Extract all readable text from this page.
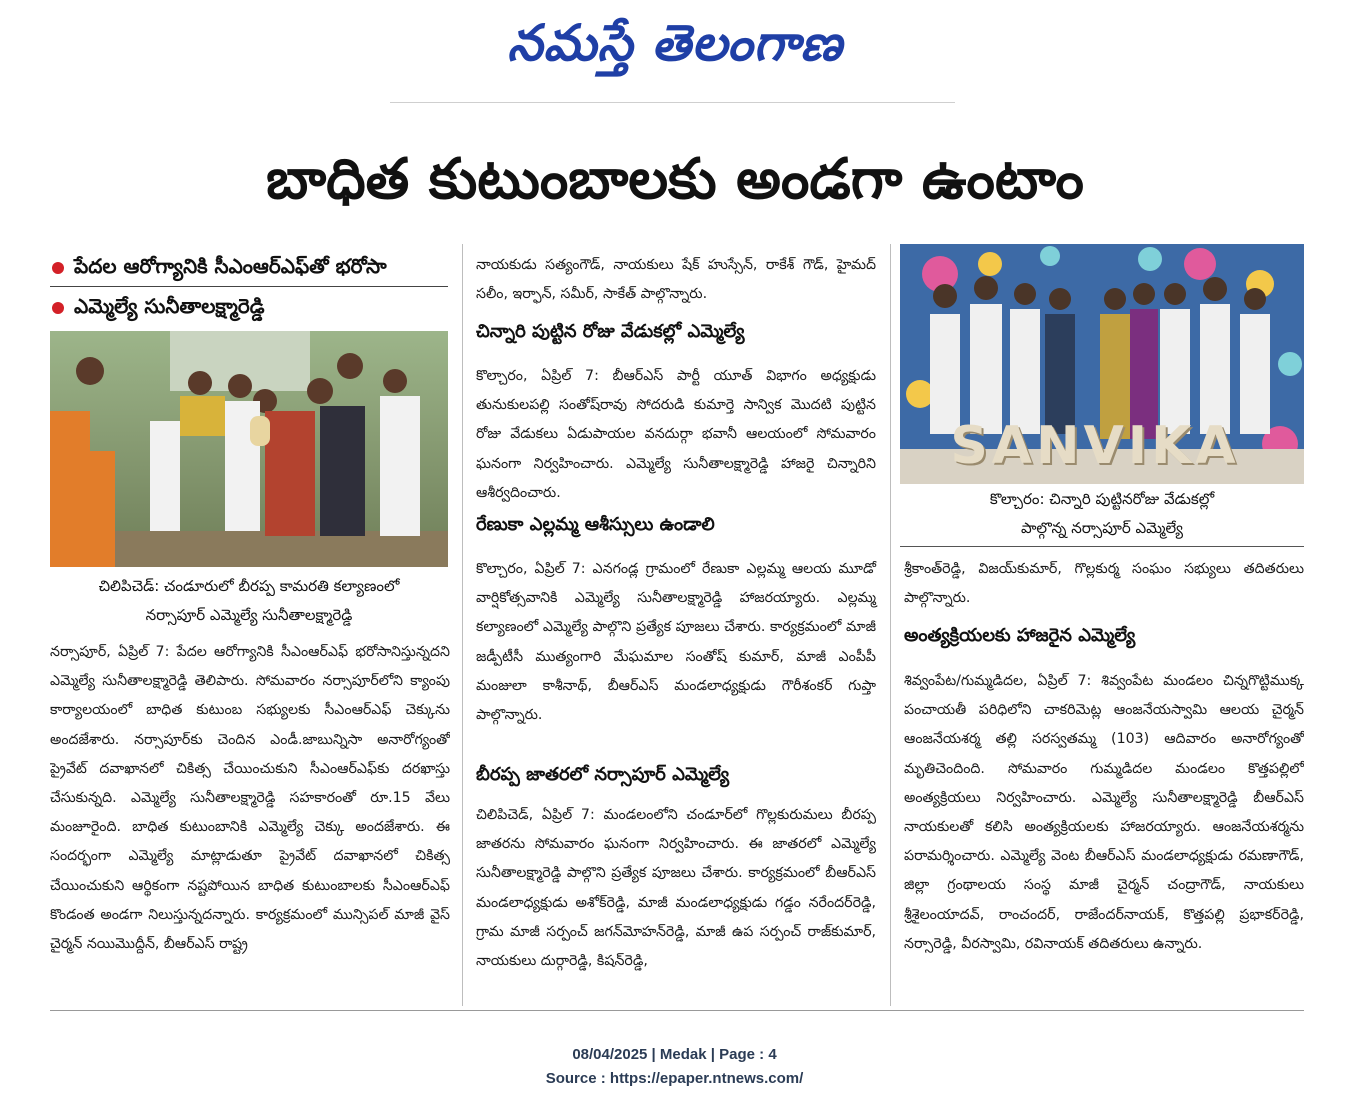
నమస్తే తెలంగాణ
బాధిత కుటుంబాలకు అండగా ఉంటాం
పేదల ఆరోగ్యానికి సీఎంఆర్ఎఫ్‌తో భరోసా
ఎమ్మెల్యే సునీతాలక్ష్మారెడ్డి
చిలిపిచెడ్: చండూరులో బీరప్ప కామరతి కల్యాణంలో
నర్సాపూర్ ఎమ్మెల్యే సునీతాలక్ష్మారెడ్డి

నర్సాపూర్, ఏప్రిల్ 7: పేదల ఆరోగ్యానికి సీఎంఆర్ఎఫ్ భరోసానిస్తున్నదని ఎమ్మెల్యే సునీతాలక్ష్మారెడ్డి తెలిపారు. సోమవారం నర్సాపూర్‌లోని క్యాంపు కార్యాలయంలో బాధిత కుటుంబ సభ్యులకు సీఎంఆర్ఎఫ్ చెక్కును అందజేశారు. నర్సాపూర్‌కు చెందిన ఎండీ.జాబున్నిసా అనారోగ్యంతో ప్రైవేట్ దవాఖానలో చికిత్స చేయించుకుని సీఎంఆర్ఎఫ్‌కు దరఖాస్తు చేసుకున్నది. ఎమ్మెల్యే సునీతాలక్ష్మారెడ్డి సహకారంతో రూ.15 వేలు మంజూరైంది. బాధిత కుటుంబానికి ఎమ్మెల్యే చెక్కు అందజేశారు. ఈ సందర్భంగా ఎమ్మెల్యే మాట్లాడుతూ ప్రైవేట్ దవాఖానలో చికిత్స చేయించుకుని ఆర్థికంగా నష్టపోయిన బాధిత కుటుంబాలకు సీఎంఆర్ఎఫ్ కొండంత అండగా నిలుస్తున్నదన్నారు. కార్యక్రమంలో మున్సిపల్ మాజీ వైస్ చైర్మన్ నయిమొద్దీన్, బీఆర్ఎస్ రాష్ట్ర

నాయకుడు సత్యంగౌడ్, నాయకులు షేక్ హుస్సేన్, రాకేశ్ గౌడ్, హైమద్ సలీం, ఇర్ఫాన్, సమీర్, సాకేత్ పాల్గొన్నారు.

చిన్నారి పుట్టిన రోజు వేడుకల్లో ఎమ్మెల్యే

కొల్చారం, ఏప్రిల్ 7: బీఆర్ఎస్ పార్టీ యూత్ విభాగం అధ్యక్షుడు తునుకులపల్లి సంతోష్‌రావు సోదరుడి కుమార్తె సాన్విక మొదటి పుట్టిన రోజు వేడుకలు ఏడుపాయల వనదుర్గా భవానీ ఆలయంలో సోమవారం ఘనంగా నిర్వహించారు. ఎమ్మెల్యే సునీతాలక్ష్మారెడ్డి హాజరై చిన్నారిని ఆశీర్వదించారు.

రేణుకా ఎల్లమ్మ ఆశీస్సులు ఉండాలి

కొల్చారం, ఏప్రిల్ 7: ఎనగండ్ల గ్రామంలో రేణుకా ఎల్లమ్మ ఆలయ మూడో వార్షికోత్సవానికి ఎమ్మెల్యే సునీతాలక్ష్మారెడ్డి హాజరయ్యారు. ఎల్లమ్మ కల్యాణంలో ఎమ్మెల్యే పాల్గొని ప్రత్యేక పూజలు చేశారు. కార్యక్రమంలో మాజీ జడ్పీటీసీ ముత్యంగారి మేఘమాల సంతోష్ కుమార్, మాజీ ఎంపీపీ మంజులా కాశీనాథ్, బీఆర్ఎస్ మండలాధ్యక్షుడు గౌరీశంకర్ గుప్తా పాల్గొన్నారు.

బీరప్ప జాతరలో నర్సాపూర్ ఎమ్మెల్యే

చిలిపిచెడ్, ఏప్రిల్ 7: మండలంలోని చండూర్‌లో గొల్లకురుమలు బీరప్ప జాతరను సోమవారం ఘనంగా నిర్వహించారు. ఈ జాతరలో ఎమ్మెల్యే సునీతాలక్ష్మారెడ్డి పాల్గొని ప్రత్యేక పూజలు చేశారు. కార్యక్రమంలో బీఆర్ఎస్ మండలాధ్యక్షుడు అశోక్‌రెడ్డి, మాజీ మండలాధ్యక్షుడు గడ్డం నరేందర్‌రెడ్డి, గ్రామ మాజీ సర్పంచ్ జగన్‌మోహన్‌రెడ్డి, మాజీ ఉప సర్పంచ్ రాజ్‌కుమార్, నాయకులు దుర్గారెడ్డి, కిషన్‌రెడ్డి,

SANVIKA
కొల్చారం: చిన్నారి పుట్టినరోజు వేడుకల్లో
పాల్గొన్న నర్సాపూర్ ఎమ్మెల్యే

శ్రీకాంత్‌రెడ్డి, విజయ్‌కుమార్, గొల్లకుర్మ సంఘం సభ్యులు తదితరులు పాల్గొన్నారు.

అంత్యక్రియలకు హాజరైన ఎమ్మెల్యే

శివ్వంపేట/గుమ్మడిదల, ఏప్రిల్ 7: శివ్వంపేట మండలం చిన్నగొట్టిముక్క పంచాయతీ పరిధిలోని చాకరిమెట్ల ఆంజనేయస్వామి ఆలయ చైర్మన్ ఆంజనేయశర్మ తల్లి సరస్వతమ్మ (103) ఆదివారం అనారోగ్యంతో మృతిచెందింది. సోమవారం గుమ్మడిదల మండలం కొత్తపల్లిలో అంత్యక్రియలు నిర్వహించారు. ఎమ్మెల్యే సునీతాలక్ష్మారెడ్డి బీఆర్ఎస్ నాయకులతో కలిసి అంత్యక్రియలకు హాజరయ్యారు. ఆంజనేయశర్మను పరామర్శించారు. ఎమ్మెల్యే వెంట బీఆర్ఎస్ మండలాధ్యక్షుడు రమణాగౌడ్, జిల్లా గ్రంథాలయ సంస్థ మాజీ చైర్మన్ చంద్రాగౌడ్, నాయకులు శ్రీశైలంయాదవ్, రాంచందర్, రాజేందర్‌నాయక్, కొత్తపల్లి ప్రభాకర్‌రెడ్డి, నర్సారెడ్డి, వీరస్వామి, రవినాయక్ తదితరులు ఉన్నారు.

08/04/2025 | Medak | Page : 4
Source : https://epaper.ntnews.com/
